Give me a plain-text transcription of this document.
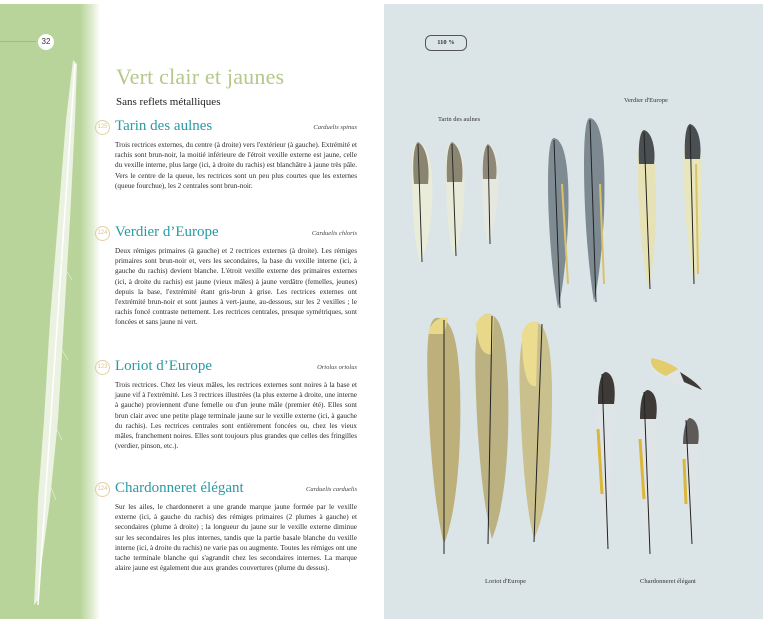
32
Vert clair et jaunes
Sans reflets métalliques
125 Tarin des aulnes	Carduelis spinus
Trois rectrices externes, du centre (à droite) vers l'extérieur (à gauche). Extrémité et rachis sont brun-noir, la moitié inférieure de l'étroit vexille externe est jaune, celle du vexille interne, plus large (ici, à droite du rachis) est blanchâtre à jaune très pâle. Vers le centre de la queue, les rectrices sont un peu plus courtes que les externes (queue fourchue), les 2 centrales sont brun-noir.
124 Verdier d’Europe	Carduelis chloris
Deux rémiges primaires (à gauche) et 2 rectrices externes (à droite). Les rémiges primaires sont brun-noir et, vers les secondaires, la base du vexille interne (ici, à gauche du rachis) devient blanche. L'étroit vexille externe des primaires externes (ici, à droite du rachis) est jaune (vieux mâles) à jaune verdâtre (femelles, jeunes) depuis la base, l'extrémité étant gris-brun à grise. Les rectrices externes ont l'extrémité brun-noir et sont jaunes à vert-jaune, au-dessous, sur les 2 vexilles ; le rachis foncé contraste nettement. Les rectrices centrales, presque symétriques, sont foncées et sans jaune ni vert.
123 Loriot d’Europe	Oriolus oriolus
Trois rectrices. Chez les vieux mâles, les rectrices externes sont noires à la base et jaune vif à l'extrémité. Les 3 rectrices illustrées (la plus externe à droite, une interne à gauche) proviennent d'une femelle ou d'un jeune mâle (premier été). Elles sont brun clair avec une petite plage terminale jaune sur le vexille externe (ici, à gauche du rachis). Les rectrices centrales sont entièrement foncées ou, chez les vieux mâles, franchement noires. Elles sont toujours plus grandes que celles des fringilles (verdier, pinson, etc.).
124 Chardonneret élégant	Carduelis carduelis
Sur les ailes, le chardonneret a une grande marque jaune formée par le vexille externe (ici, à gauche du rachis) des rémiges primaires (2 plumes à gauche) et secondaires (plume à droite) ; la longueur du jaune sur le vexille externe diminue sur les secondaires les plus internes, tandis que la partie basale blanche du vexille interne (ici, à droite du rachis) ne varie pas ou augmente. Toutes les rémiges ont une tache terminale blanche qui s'agrandit chez les secondaires internes. La marque alaire jaune est également due aux grandes couvertures (plume du dessus).
110 %
Tarin des aulnes
Verdier d'Europe
Loriot d'Europe	Chardonneret élégant
